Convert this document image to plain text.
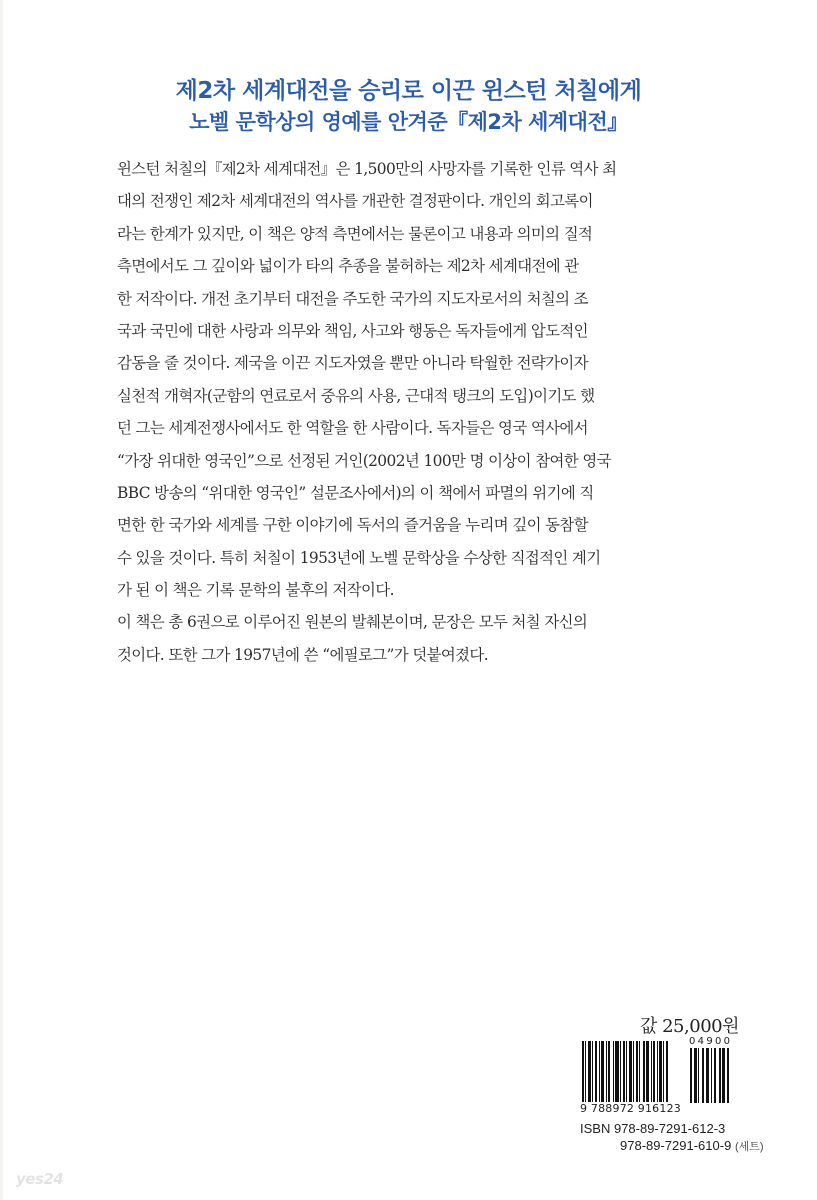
제2차 세계대전을 승리로 이끈 윈스턴 처칠에게
노벨 문학상의 영예를 안겨준『제2차 세계대전』
윈스턴 처칠의『제2차 세계대전』은 1,500만의 사망자를 기록한 인류 역사 최
대의 전쟁인 제2차 세계대전의 역사를 개관한 결정판이다. 개인의 회고록이
라는 한계가 있지만, 이 책은 양적 측면에서는 물론이고 내용과 의미의 질적
측면에서도 그 깊이와 넓이가 타의 추종을 불허하는 제2차 세계대전에 관
한 저작이다. 개전 초기부터 대전을 주도한 국가의 지도자로서의 처칠의 조
국과 국민에 대한 사랑과 의무와 책임, 사고와 행동은 독자들에게 압도적인
감동을 줄 것이다. 제국을 이끈 지도자였을 뿐만 아니라 탁월한 전략가이자
실천적 개혁자(군함의 연료로서 중유의 사용, 근대적 탱크의 도입)이기도 했
던 그는 세계전쟁사에서도 한 역할을 한 사람이다. 독자들은 영국 역사에서
“가장 위대한 영국인”으로 선정된 거인(2002년 100만 명 이상이 참여한 영국
BBC 방송의 “위대한 영국인” 설문조사에서)의 이 책에서 파멸의 위기에 직
면한 한 국가와 세계를 구한 이야기에 독서의 즐거움을 누리며 깊이 동참할
수 있을 것이다. 특히 처칠이 1953년에 노벨 문학상을 수상한 직접적인 계기
가 된 이 책은 기록 문학의 불후의 저작이다.
이 책은 총 6권으로 이루어진 원본의 발췌본이며, 문장은 모두 처칠 자신의
것이다. 또한 그가 1957년에 쓴 “에필로그”가 덧붙여졌다.
값 25,000원
04900
9 788972 916123
ISBN 978-89-7291-612-3
978-89-7291-610-9 (세트)
yes24
